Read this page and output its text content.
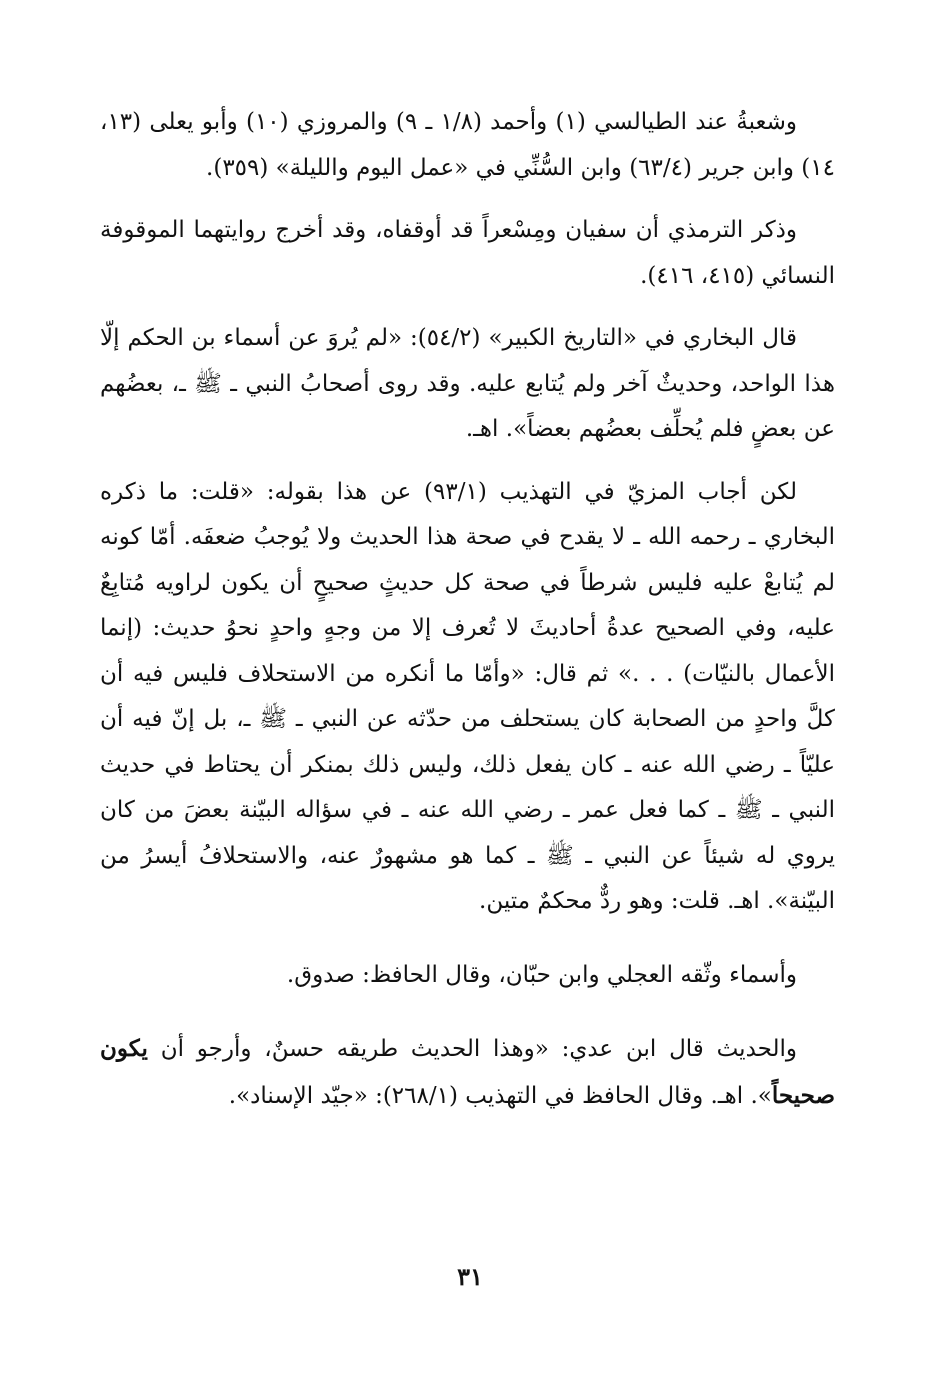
وشعبةُ عند الطيالسي (١) وأحمد (١/٨ ـ ٩) والمروزي (١٠) وأبو يعلى (١٣، ١٤) وابن جرير (٦٣/٤) وابن السُّنِّي في «عمل اليوم والليلة» (٣٥٩).

وذكر الترمذي أن سفيان ومِسْعراً قد أوقفاه، وقد أخرج روايتهما الموقوفة النسائي (٤١٥، ٤١٦).

قال البخاري في «التاريخ الكبير» (٥٤/٢): «لم يُروَ عن أسماء بن الحكم إلّا هذا الواحد، وحديثٌ آخر ولم يُتابع عليه. وقد روى أصحابُ النبي ـ ﷺ ـ، بعضُهم عن بعضٍ فلم يُحلِّف بعضُهم بعضاً». اهـ.

لكن أجاب المزيّ في التهذيب (٩٣/١) عن هذا بقوله: «قلت: ما ذكره البخاري ـ رحمه الله ـ لا يقدح في صحة هذا الحديث ولا يُوجبُ ضعفَه. أمّا كونه لم يُتابعْ عليه فليس شرطاً في صحة كل حديثٍ صحيحٍ أن يكون لراويه مُتابِعٌ عليه، وفي الصحيح عدةُ أحاديثَ لا تُعرف إلا من وجهٍ واحدٍ نحوُ حديث: (إنما الأعمال بالنيّات) . . .» ثم قال: «وأمّا ما أنكره من الاستحلاف فليس فيه أن كلَّ واحدٍ من الصحابة كان يستحلف من حدّثه عن النبي ـ ﷺ ـ، بل إنّ فيه أن عليّاً ـ رضي الله عنه ـ كان يفعل ذلك، وليس ذلك بمنكر أن يحتاط في حديث النبي ـ ﷺ ـ كما فعل عمر ـ رضي الله عنه ـ في سؤاله البيّنة بعضَ من كان يروي له شيئاً عن النبي ـ ﷺ ـ كما هو مشهورٌ عنه، والاستحلافُ أيسرُ من البيّنة». اهـ. قلت: وهو ردٌّ محكمٌ متين.

وأسماء وثّقه العجلي وابن حبّان، وقال الحافظ: صدوق.

والحديث قال ابن عدي: «وهذا الحديث طريقه حسنٌ، وأرجو أن يكون صحيحاً». اهـ. وقال الحافظ في التهذيب (٢٦٨/١): «جيّد الإسناد».

٣١
